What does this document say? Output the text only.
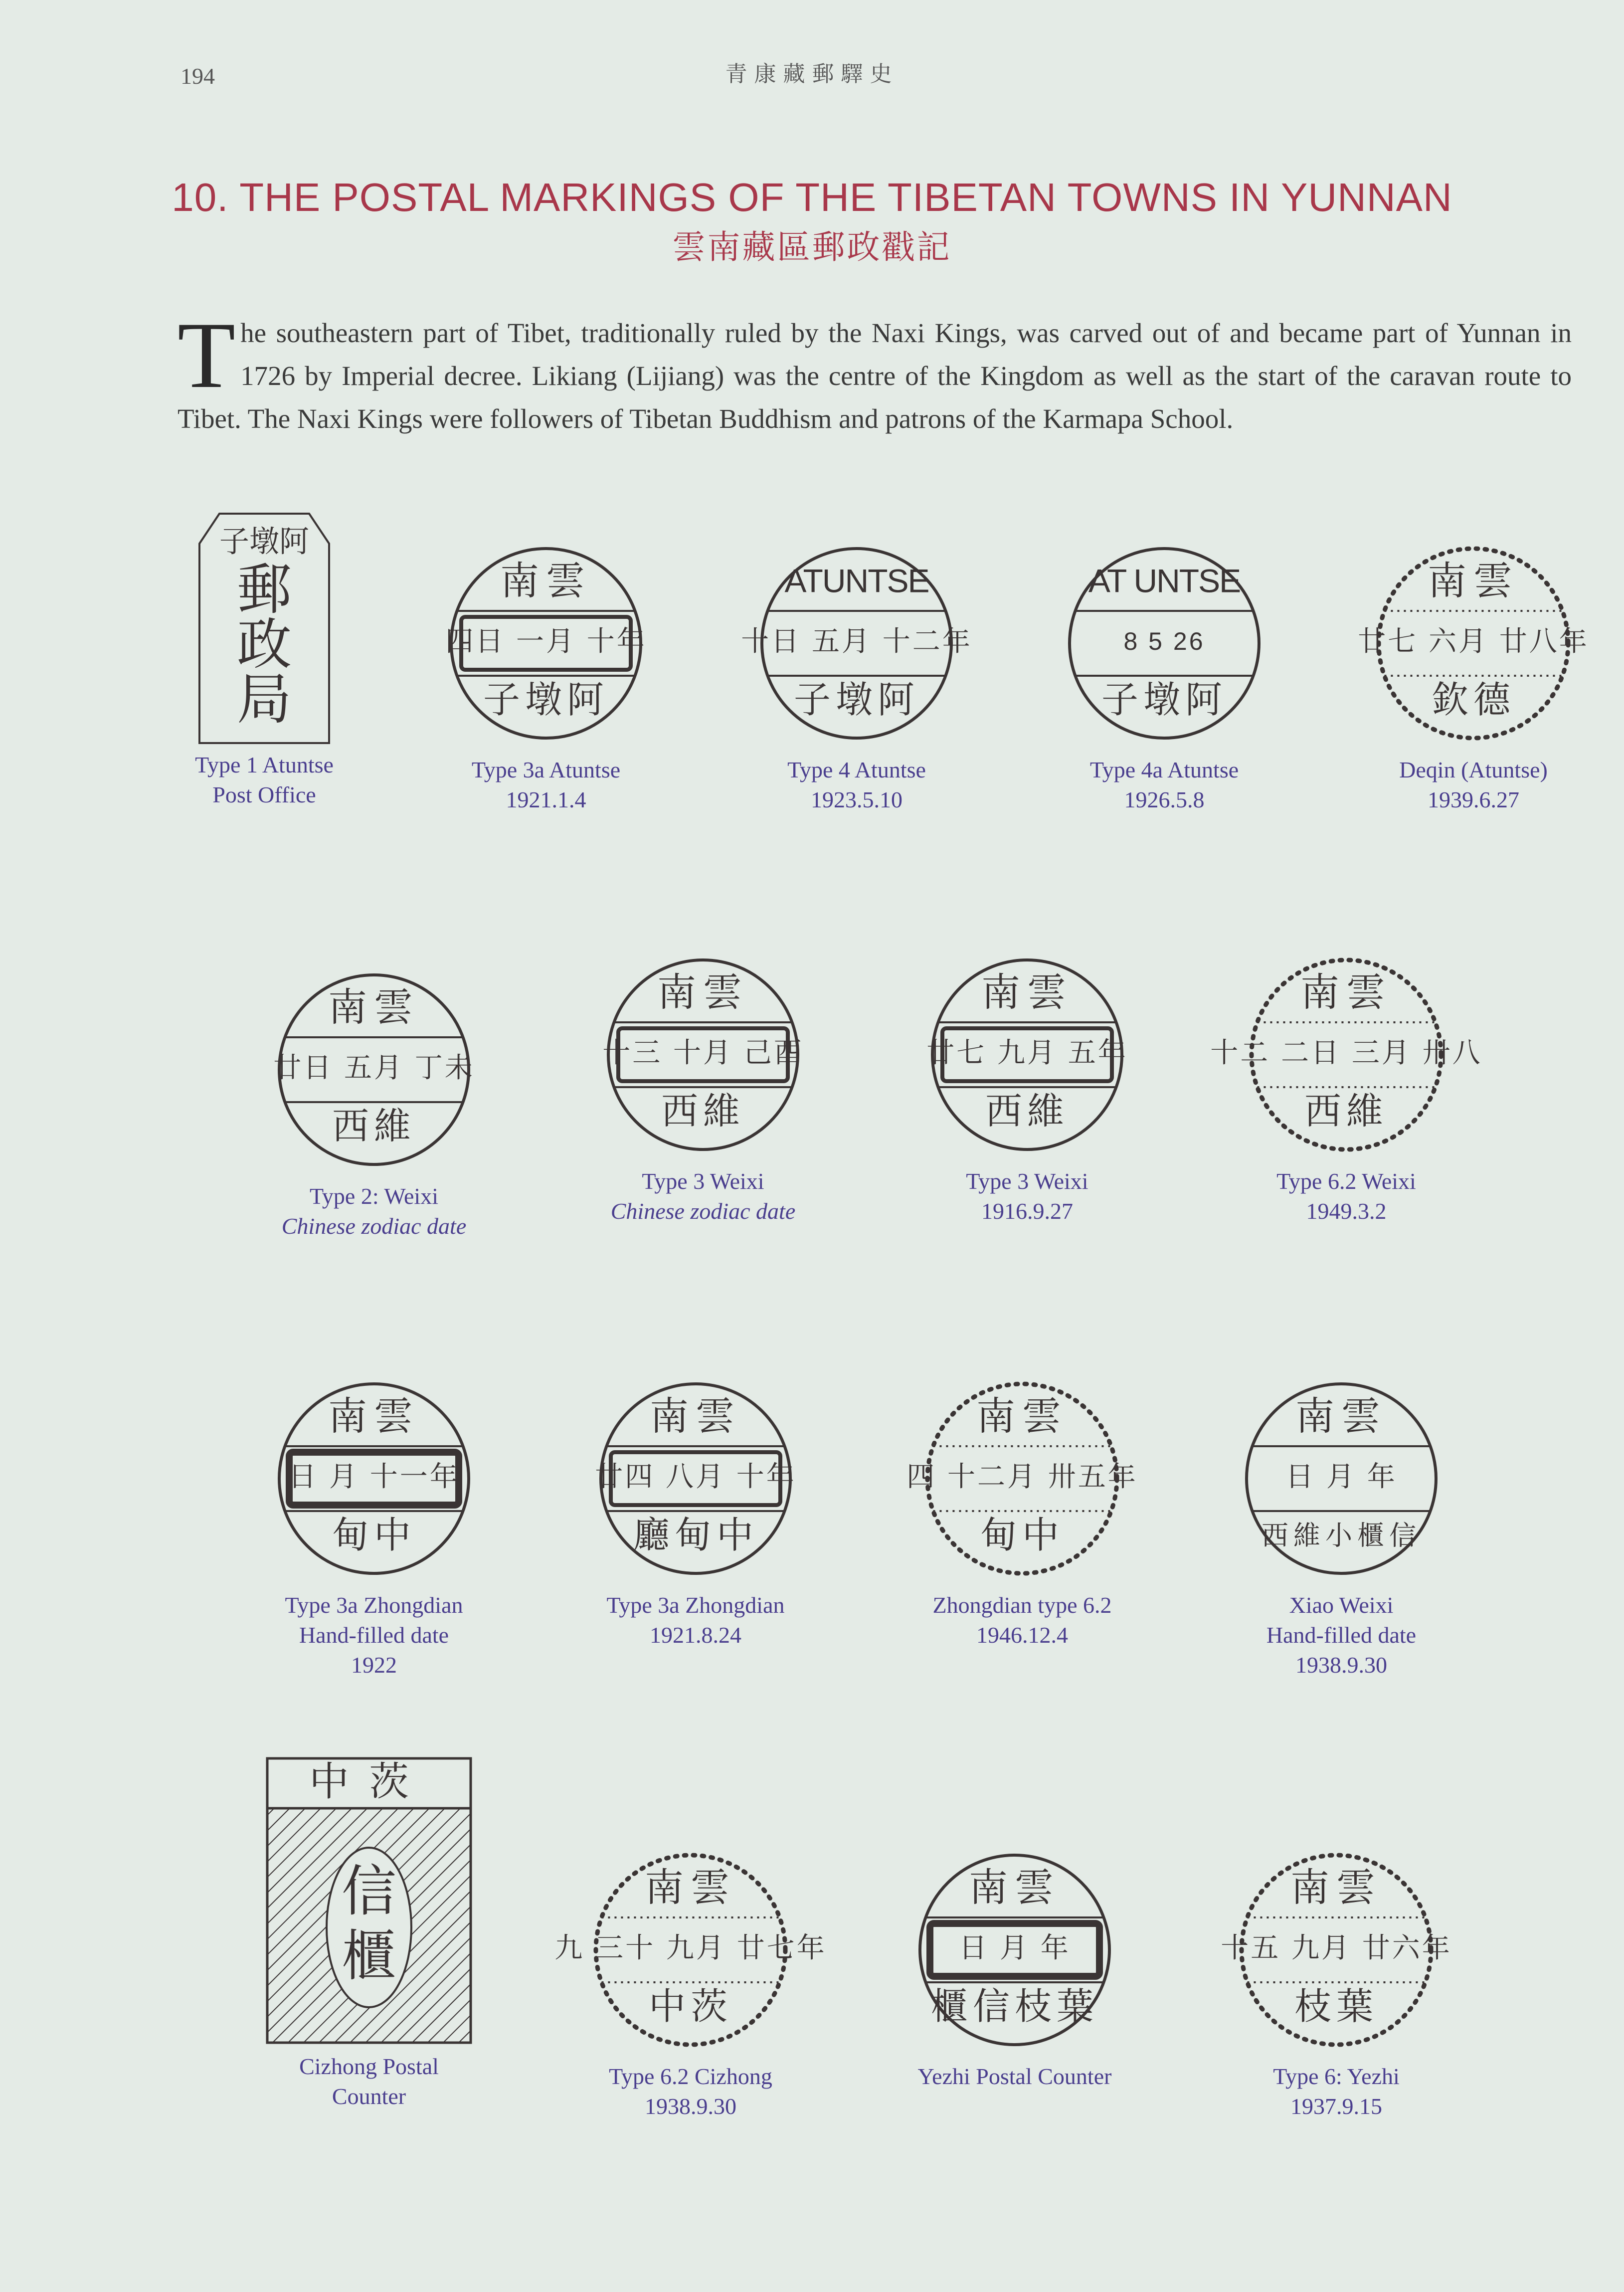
194	青康藏郵驛史
10. THE POSTAL MARKINGS OF THE TIBETAN TOWNS IN YUNNAN
雲南藏區郵政戳記
The southeastern part of Tibet, traditionally ruled by the Naxi Kings, was carved out of and became part of Yunnan in 1726 by Imperial decree. Likiang (Lijiang) was the centre of the Kingdom as well as the start of the caravan route to Tibet. The Naxi Kings were followers of Tibetan Buddhism and patrons of the Karmapa School.
子墩阿
郵
政
局
Type 1 Atuntse
Post Office
南雲
四日 一月 十年
子墩阿
Type 3a Atuntse
1921.1.4
ATUNTSE
十日 五月 十二年
子墩阿
Type 4 Atuntse
1923.5.10
AT UNTSE
8 5 26
子墩阿
Type 4a Atuntse
1926.5.8
南雲
廿七 六月 廿八年
欽德
Deqin (Atuntse)
1939.6.27
南雲
廿日 五月 丁未
西維
Type 2: Weixi
Chinese zodiac date
南雲
十三 十月 己酉
西維
Type 3 Weixi
Chinese zodiac date
南雲
廿七 九月 五年
西維
Type 3 Weixi
1916.9.27
南雲
十二 二日 三月 卅八
西維
Type 6.2 Weixi
1949.3.2
南雲
日 月 十一年
甸中
Type 3a Zhongdian
Hand-filled date
1922
南雲
廿四 八月 十年
廳甸中
Type 3a Zhongdian
1921.8.24
南雲
四 十二月 卅五年
甸中
Zhongdian type 6.2
1946.12.4
南雲
日 月 年
西維小櫃信
Xiao Weixi
Hand-filled date
1938.9.30
中茨
信
櫃
Cizhong Postal
Counter
南雲
九 三十 九月 廿七年
中茨
Type 6.2 Cizhong
1938.9.30
南雲
日 月 年
櫃信枝葉
Yezhi Postal Counter
南雲
十五 九月 廿六年
枝葉
Type 6: Yezhi
1937.9.15
